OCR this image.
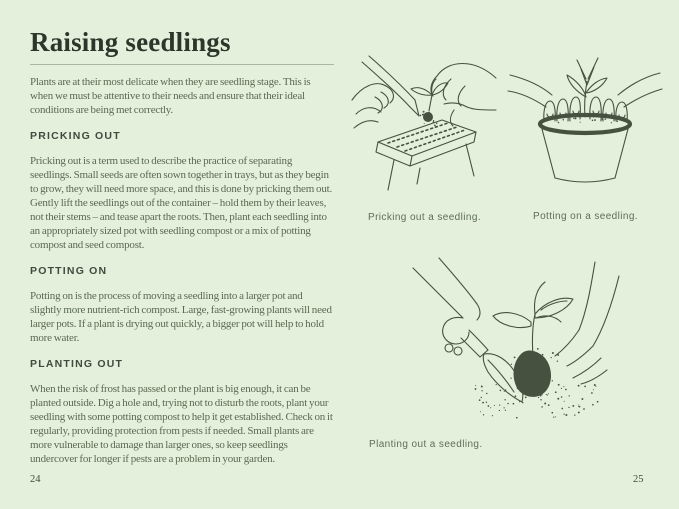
Raising seedlings

Plants are at their most delicate when they are seedling stage. This is when we must be attentive to their needs and ensure that their ideal conditions are being met correctly.

PRICKING OUT

Pricking out is a term used to describe the practice of separating seedlings. Small seeds are often sown together in trays, but as they begin to grow, they will need more space, and this is done by pricking them out. Gently lift the seedlings out of the container – hold them by their leaves, not their stems – and tease apart the roots. Then, plant each seedling into an appropriately sized pot with seedling compost or a mix of potting compost and seed compost.

POTTING ON

Potting on is the process of moving a seedling into a larger pot and slightly more nutrient-rich compost. Large, fast-growing plants will need larger pots. If a plant is drying out quickly, a bigger pot will help to hold more water.

PLANTING OUT

When the risk of frost has passed or the plant is big enough, it can be planted outside. Dig a hole and, trying not to disturb the roots, plant your seedling with some potting compost to help it get established. Check on it regularly, providing protection from pests if needed. Small plants are more vulnerable to damage than larger ones, so keep seedlings undercover for longer if pests are a problem in your garden.

24	25
Pricking out a seedling.	Potting on a seedling.
Planting out a seedling.
